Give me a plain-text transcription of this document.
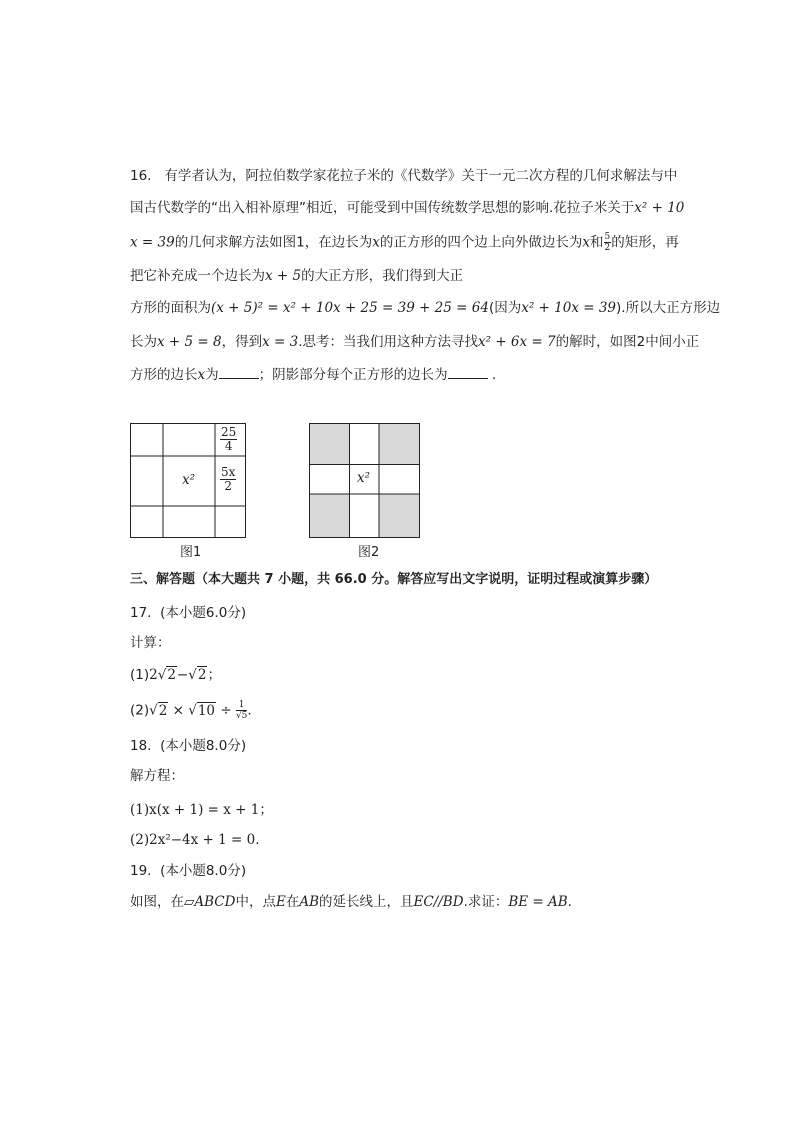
16. 有学者认为，阿拉伯数学家花拉子米的《代数学》关于一元二次方程的几何求解法与中
国古代数学的“出入相补原理”相近，可能受到中国传统数学思想的影响.花拉子米关于x² + 10
x = 39的几何求解方法如图1，在边长为x的正方形的四个边上向外做边长为x和 $\frac{5}{2}$ 的矩形，再
把它补充成一个边长为x + 5的大正方形，我们得到大正
方形的面积为(x + 5)² = x² + 10x + 25 = 39 + 25 = 64(因为x² + 10x = 39).所以大正方形边
长为x + 5 = 8，得到x = 3.思考：当我们用这种方法寻找x² + 6x = 7的解时，如图2中间小正
方形的边长x为	；阴影部分每个正方形的边长为	.
x²
$\frac{25}{4}$
$\frac{5x}{2}$
图1
x²
图2
三、解答题（本大题共 7 小题，共 66.0 分。解答应写出文字说明，证明过程或演算步骤）
17. (本小题6.0分)
计算：
(1)2√2−√2；
$(2)√2 \times √10 \div \frac{1}{√5}$ .
18. (本小题8.0分)
解方程：
(1)x(x + 1) = x + 1；
(2)2x²−4x + 1 = 0.
19. (本小题8.0分)
如图，在▱ABCD中，点E在AB的延长线上，且EC//BD.求证：BE = AB.
